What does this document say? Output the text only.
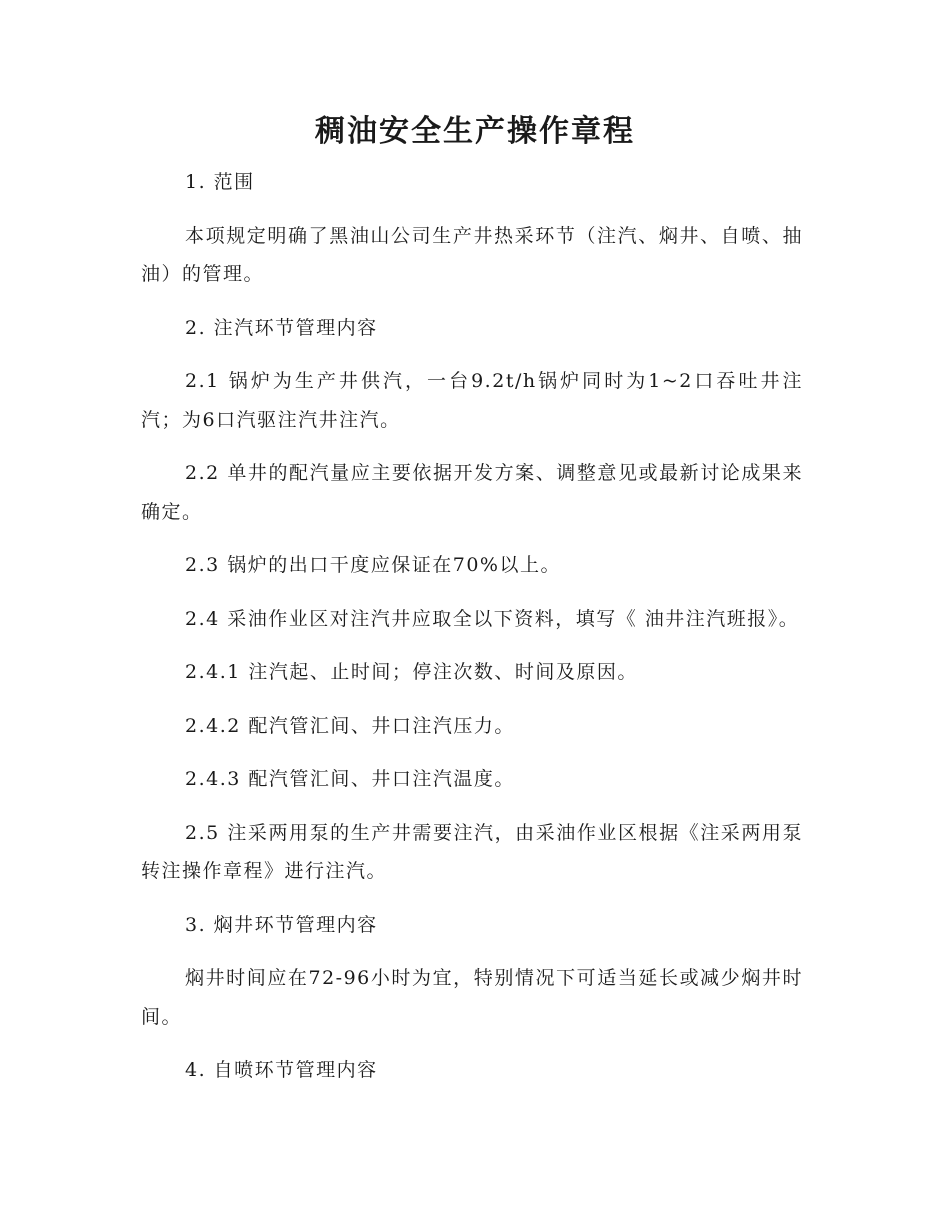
稠油安全生产操作章程

1. 范围

本项规定明确了黑油山公司生产井热采环节（注汽、焖井、自喷、抽油）的管理。

2. 注汽环节管理内容

2.1 锅炉为生产井供汽，一台9.2t/h锅炉同时为1~2口吞吐井注汽；为6口汽驱注汽井注汽。

2.2 单井的配汽量应主要依据开发方案、调整意见或最新讨论成果来确定。

2.3 锅炉的出口干度应保证在70%以上。

2.4 采油作业区对注汽井应取全以下资料，填写《 油井注汽班报》。

2.4.1 注汽起、止时间；停注次数、时间及原因。

2.4.2 配汽管汇间、井口注汽压力。

2.4.3 配汽管汇间、井口注汽温度。

2.5 注采两用泵的生产井需要注汽，由采油作业区根据《注采两用泵转注操作章程》进行注汽。

3. 焖井环节管理内容

焖井时间应在72-96小时为宜，特别情况下可适当延长或减少焖井时间。

4. 自喷环节管理内容
